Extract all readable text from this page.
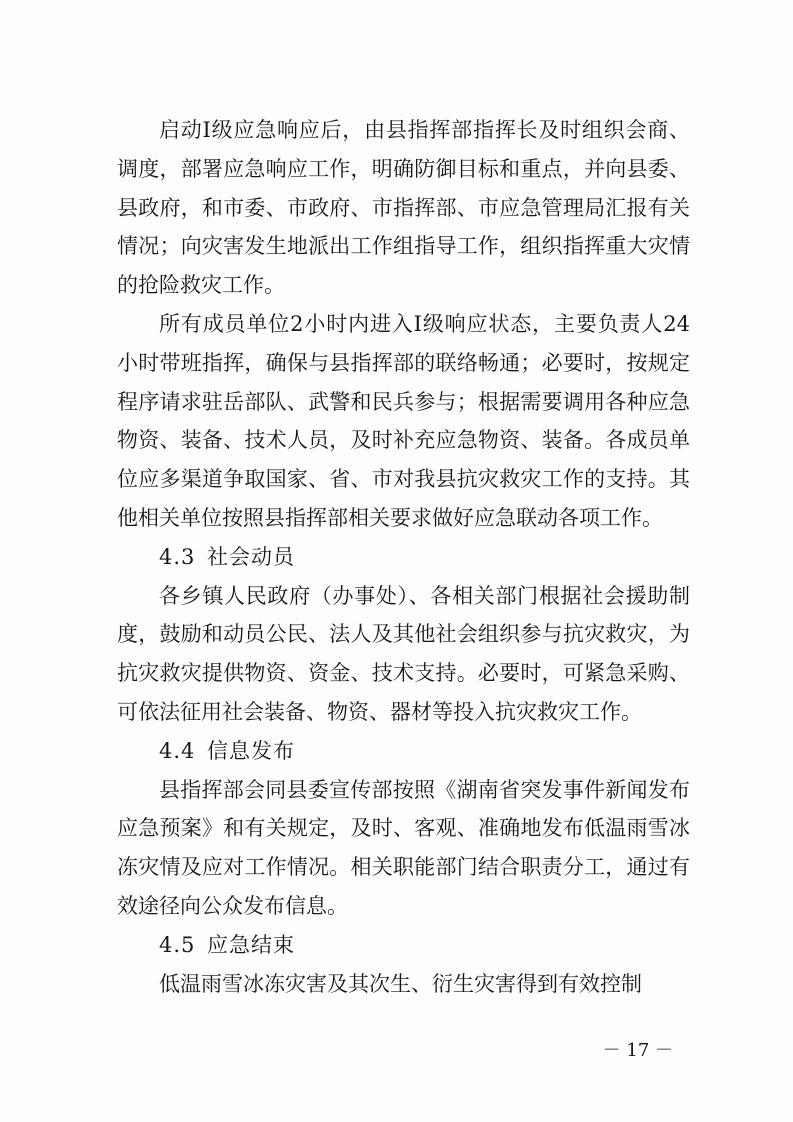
启动Ⅰ级应急响应后，由县指挥部指挥长及时组织会商、调度，部署应急响应工作，明确防御目标和重点，并向县委、县政府，和市委、市政府、市指挥部、市应急管理局汇报有关情况；向灾害发生地派出工作组指导工作，组织指挥重大灾情的抢险救灾工作。

所有成员单位2小时内进入Ⅰ级响应状态，主要负责人24小时带班指挥，确保与县指挥部的联络畅通；必要时，按规定程序请求驻岳部队、武警和民兵参与；根据需要调用各种应急物资、装备、技术人员，及时补充应急物资、装备。各成员单位应多渠道争取国家、省、市对我县抗灾救灾工作的支持。其他相关单位按照县指挥部相关要求做好应急联动各项工作。

4.3 社会动员

各乡镇人民政府（办事处）、各相关部门根据社会援助制度，鼓励和动员公民、法人及其他社会组织参与抗灾救灾，为抗灾救灾提供物资、资金、技术支持。必要时，可紧急采购、可依法征用社会装备、物资、器材等投入抗灾救灾工作。

4.4 信息发布

县指挥部会同县委宣传部按照《湖南省突发事件新闻发布应急预案》和有关规定，及时、客观、准确地发布低温雨雪冰冻灾情及应对工作情况。相关职能部门结合职责分工，通过有效途径向公众发布信息。

4.5 应急结束

低温雨雪冰冻灾害及其次生、衍生灾害得到有效控制

－ 17 －
